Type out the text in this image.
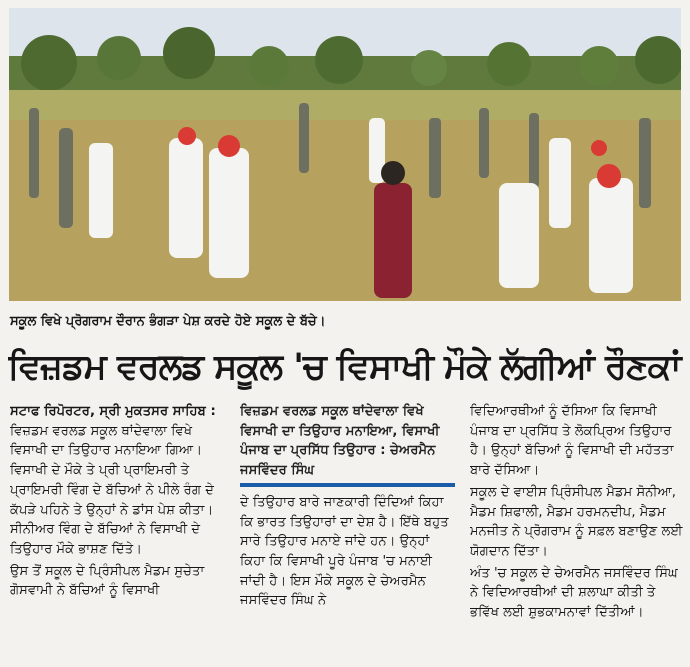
ਸਕੂਲ ਵਿਖੇ ਪ੍ਰੋਗਰਾਮ ਦੌਰਾਨ ਭੰਗੜਾ ਪੇਸ਼ ਕਰਦੇ ਹੋਏ ਸਕੂਲ ਦੇ ਬੱਚੇ।
ਵਿਜ਼ਡਮ ਵਰਲਡ ਸਕੂਲ 'ਚ ਵਿਸਾਖੀ ਮੌਕੇ ਲੱਗੀਆਂ ਰੌਣਕਾਂ

ਸਟਾਫ ਰਿਪੋਰਟਰ, ਸ੍ਰੀ ਮੁਕਤਸਰ ਸਾਹਿਬ : ਵਿਜ਼ਡਮ ਵਰਲਡ ਸਕੂਲ ਥਾਂਦੇਵਾਲਾ ਵਿਖੇ ਵਿਸਾਖੀ ਦਾ ਤਿਉਹਾਰ ਮਨਾਇਆ ਗਿਆ। ਵਿਸਾਖੀ ਦੇ ਮੌਕੇ ਤੇ ਪ੍ਰੀ ਪ੍ਰਾਇਮਰੀ ਤੇ ਪ੍ਰਾਇਮਰੀ ਵਿੰਗ ਦੇ ਬੱਚਿਆਂ ਨੇ ਪੀਲੇ ਰੰਗ ਦੇ ਕੱਪੜੇ ਪਹਿਨੇ ਤੇ ਉਨ੍ਹਾਂ ਨੇ ਡਾਂਸ ਪੇਸ਼ ਕੀਤਾ। ਸੀਨੀਅਰ ਵਿੰਗ ਦੇ ਬੱਚਿਆਂ ਨੇ ਵਿਸਾਖੀ ਦੇ ਤਿਉਹਾਰ ਮੌਕੇ ਭਾਸ਼ਣ ਦਿੱਤੇ।

ਉਸ ਤੋਂ ਸਕੂਲ ਦੇ ਪ੍ਰਿੰਸੀਪਲ ਮੈਡਮ ਸੁਚੇਤਾ ਗੋਸਵਾਮੀ ਨੇ ਬੱਚਿਆਂ ਨੂੰ ਵਿਸਾਖੀ

ਵਿਜ਼ਡਮ ਵਰਲਡ ਸਕੂਲ ਥਾਂਦੇਵਾਲਾ ਵਿਖੇ ਵਿਸਾਖੀ ਦਾ ਤਿਉਹਾਰ ਮਨਾਇਆ, ਵਿਸਾਖੀ ਪੰਜਾਬ ਦਾ ਪ੍ਰਸਿੱਧ ਤਿਉਹਾਰ : ਚੇਅਰਮੈਨ ਜਸਵਿੰਦਰ ਸਿੰਘ

ਦੇ ਤਿਉਹਾਰ ਬਾਰੇ ਜਾਣਕਾਰੀ ਦਿੰਦਿਆਂ ਕਿਹਾ ਕਿ ਭਾਰਤ ਤਿਉਹਾਰਾਂ ਦਾ ਦੇਸ਼ ਹੈ। ਇੱਥੇ ਬਹੁਤ ਸਾਰੇ ਤਿਉਹਾਰ ਮਨਾਏ ਜਾਂਦੇ ਹਨ। ਉਨ੍ਹਾਂ ਕਿਹਾ ਕਿ ਵਿਸਾਖੀ ਪੂਰੇ ਪੰਜਾਬ 'ਚ ਮਨਾਈ ਜਾਂਦੀ ਹੈ। ਇਸ ਮੌਕੇ ਸਕੂਲ ਦੇ ਚੇਅਰਮੈਨ ਜਸਵਿੰਦਰ ਸਿੰਘ ਨੇ

ਵਿਦਿਆਰਥੀਆਂ ਨੂੰ ਦੱਸਿਆ ਕਿ ਵਿਸਾਖੀ ਪੰਜਾਬ ਦਾ ਪ੍ਰਸਿੱਧ ਤੇ ਲੋਕਪ੍ਰਿਅ ਤਿਉਹਾਰ ਹੈ। ਉਨ੍ਹਾਂ ਬੱਚਿਆਂ ਨੂੰ ਵਿਸਾਖੀ ਦੀ ਮਹੱਤਤਾ ਬਾਰੇ ਦੱਸਿਆ।

ਸਕੂਲ ਦੇ ਵਾਈਸ ਪ੍ਰਿੰਸੀਪਲ ਮੈਡਮ ਸੋਨੀਆ, ਮੈਡਮ ਸ਼ਿਫਾਲੀ, ਮੈਡਮ ਹਰਮਨਦੀਪ, ਮੈਡਮ ਮਨਜੀਤ ਨੇ ਪ੍ਰੋਗਰਾਮ ਨੂੰ ਸਫ਼ਲ ਬਣਾਉਣ ਲਈ ਯੋਗਦਾਨ ਦਿੱਤਾ।

ਅੰਤ 'ਚ ਸਕੂਲ ਦੇ ਚੇਅਰਮੈਨ ਜਸਵਿੰਦਰ ਸਿੰਘ ਨੇ ਵਿਦਿਆਰਥੀਆਂ ਦੀ ਸ਼ਲਾਘਾ ਕੀਤੀ ਤੇ ਭਵਿੱਖ ਲਈ ਸ਼ੁਭਕਾਮਨਾਵਾਂ ਦਿੱਤੀਆਂ।
